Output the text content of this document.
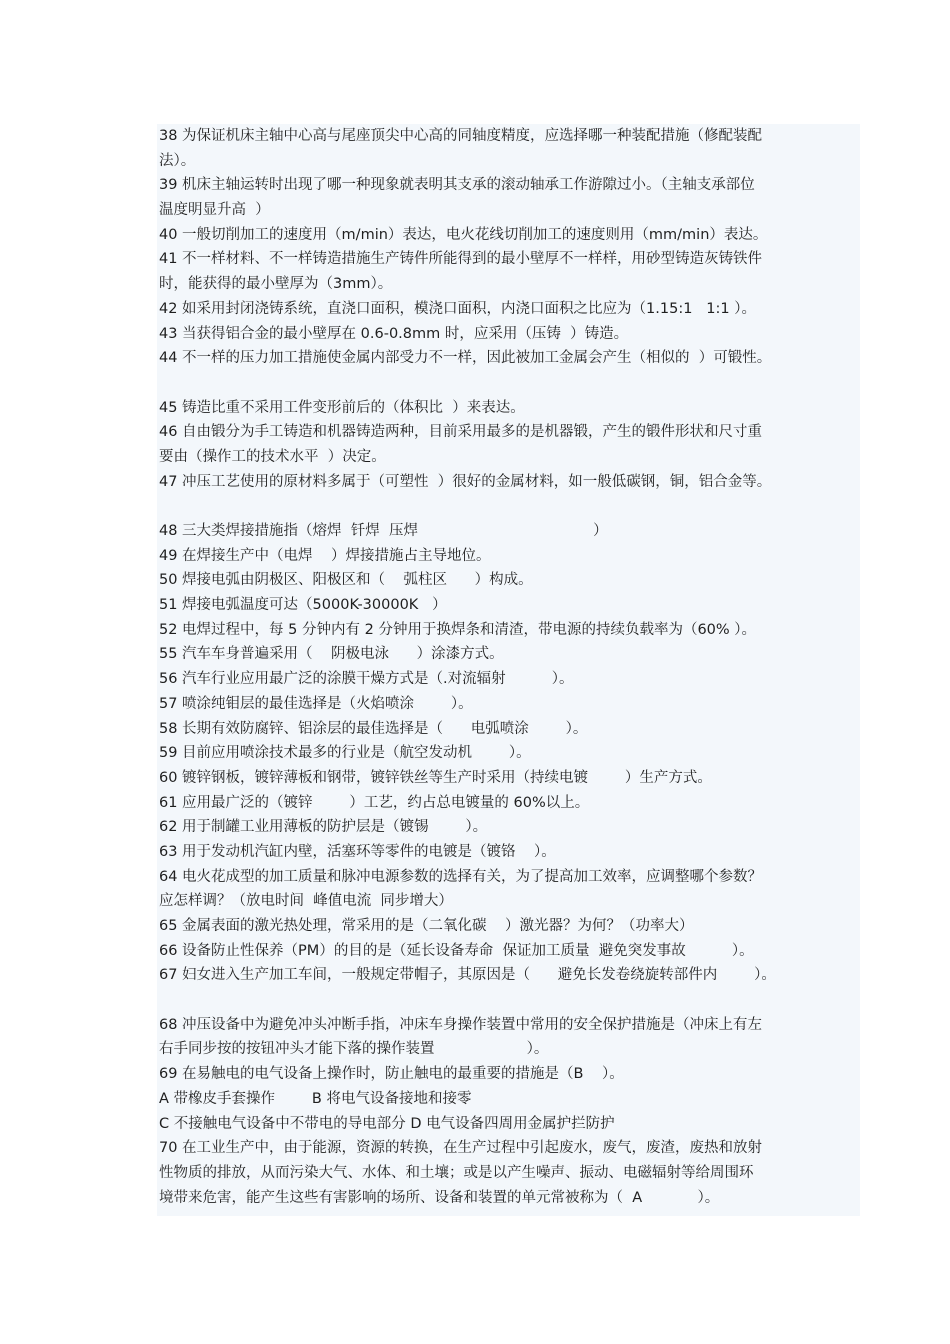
38 为保证机床主轴中心高与尾座顶尖中心高的同轴度精度，应选择哪一种装配措施（修配装配
法）。
39 机床主轴运转时出现了哪一种现象就表明其支承的滚动轴承工作游隙过小。（主轴支承部位
温度明显升高  ）
40 一般切削加工的速度用（m/min）表达，电火花线切削加工的速度则用（mm/min）表达。
41 不一样材料、不一样铸造措施生产铸件所能得到的最小壁厚不一样样，用砂型铸造灰铸铁件
时，能获得的最小壁厚为（3mm）。
42 如采用封闭浇铸系统，直浇口面积，模浇口面积，内浇口面积之比应为（1.15:1   1:1 ）。
43 当获得铝合金的最小壁厚在 0.6-0.8mm 时，应采用（压铸  ）铸造。
44 不一样的压力加工措施使金属内部受力不一样，因此被加工金属会产生（相似的  ）可锻性。
45 铸造比重不采用工件变形前后的（体积比  ）来表达。
46 自由锻分为手工铸造和机器铸造两种，目前采用最多的是机器锻，产生的锻件形状和尺寸重
要由（操作工的技术水平  ）决定。
47 冲压工艺使用的原材料多属于（可塑性  ）很好的金属材料，如一般低碳钢，铜，铝合金等。
48 三大类焊接措施指（熔焊  钎焊  压焊                                      ）
49 在焊接生产中（电焊    ）焊接措施占主导地位。
50 焊接电弧由阴极区、阳极区和（    弧柱区      ）构成。
51 焊接电弧温度可达（5000K-30000K   ）
52 电焊过程中，每 5 分钟内有 2 分钟用于换焊条和清渣，带电源的持续负载率为（60% ）。
55 汽车车身普遍采用（    阴极电泳      ）涂漆方式。
56 汽车行业应用最广泛的涂膜干燥方式是（.对流辐射          ）。
57 喷涂纯钼层的最佳选择是（火焰喷涂        ）。
58 长期有效防腐锌、铝涂层的最佳选择是（      电弧喷涂        ）。
59 目前应用喷涂技术最多的行业是（航空发动机        ）。
60 镀锌钢板，镀锌薄板和钢带，镀锌铁丝等生产时采用（持续电镀        ）生产方式。
61 应用最广泛的（镀锌        ）工艺，约占总电镀量的 60%以上。
62 用于制罐工业用薄板的防护层是（镀锡        ）。
63 用于发动机汽缸内壁，活塞环等零件的电镀是（镀铬    ）。
64 电火花成型的加工质量和脉冲电源参数的选择有关，为了提高加工效率，应调整哪个参数？
应怎样调？（放电时间  峰值电流  同步增大）
65 金属表面的激光热处理，常采用的是（二氧化碳    ）激光器？为何？（功率大）
66 设备防止性保养（PM）的目的是（延长设备寿命  保证加工质量  避免突发事故          ）。
67 妇女进入生产加工车间，一般规定带帽子，其原因是（      避免长发卷绕旋转部件内        ）。
68 冲压设备中为避免冲头冲断手指，冲床车身操作装置中常用的安全保护措施是（冲床上有左
右手同步按的按钮冲头才能下落的操作装置                    ）。
69 在易触电的电气设备上操作时，防止触电的最重要的措施是（B    ）。
A 带橡皮手套操作        B 将电气设备接地和接零
C 不接触电气设备中不带电的导电部分 D 电气设备四周用金属护拦防护
70 在工业生产中，由于能源，资源的转换，在生产过程中引起废水，废气，废渣，废热和放射
性物质的排放，从而污染大气、水体、和土壤；或是以产生噪声、振动、电磁辐射等给周围环
境带来危害，能产生这些有害影响的场所、设备和装置的单元常被称为（  A            ）。
